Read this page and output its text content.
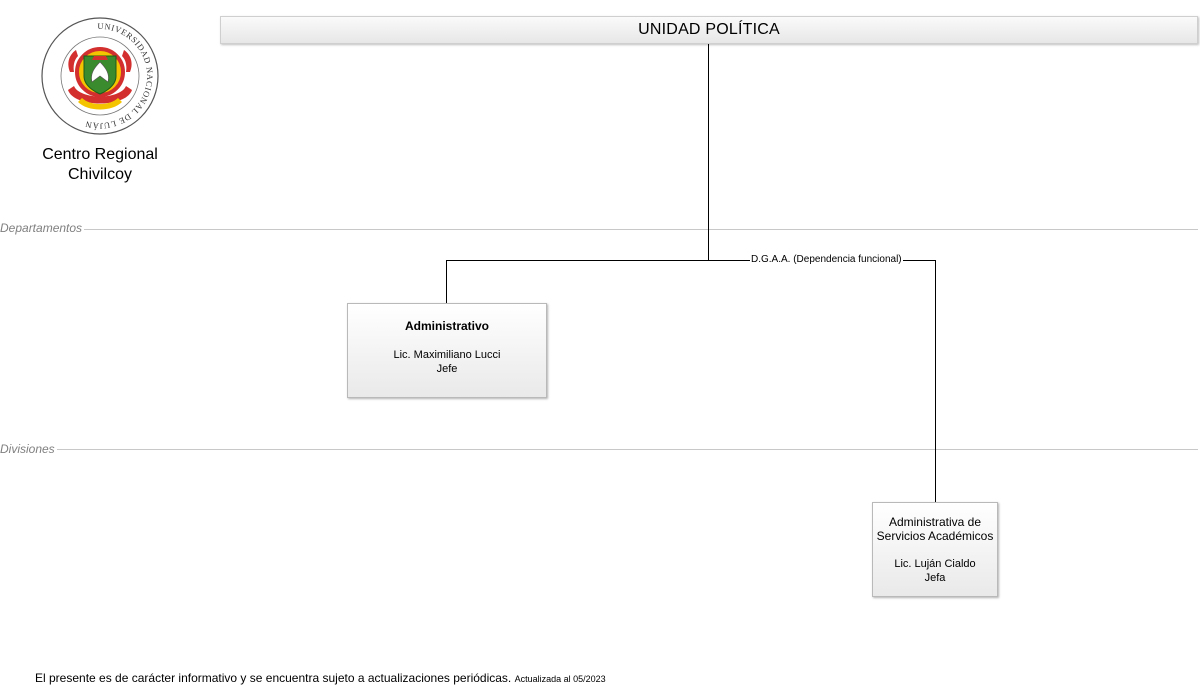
UNIVERSIDAD NACIONAL DE LUJÁN
Centro Regional
Chivilcoy
UNIDAD POLÍTICA
Departamentos
Divisiones
D.G.A.A. (Dependencia funcional)
Administrativo
Lic. Maximiliano Lucci
Jefe
Administrativa de
Servicios Académicos
Lic. Luján Cialdo
Jefa
El presente es de carácter informativo y se encuentra sujeto a actualizaciones periódicas. Actualizada al 05/2023
